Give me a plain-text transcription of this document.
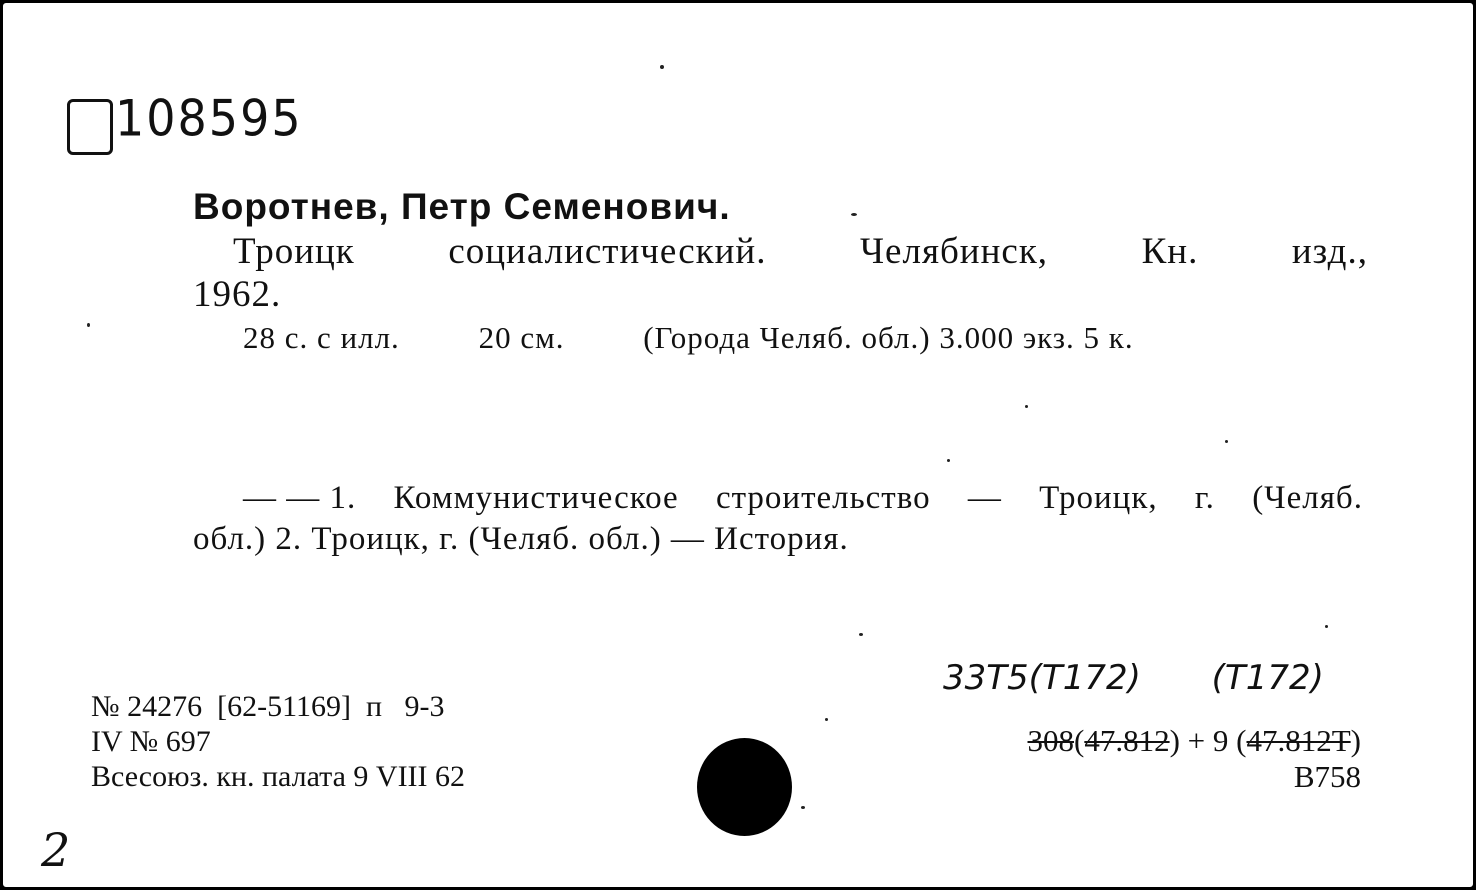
108595
Воротнев, Петр Семенович.
Троицк	социалистический.	Челябинск,	Кн.	изд.,
1962.
28 с. с илл.	20 см.	(Города Челяб. обл.) 3.000 экз. 5 к.
— — 1. Коммунистическое строительство — Троицк, г. (Челяб.
обл.) 2. Троицк, г. (Челяб. обл.) — История.
№ 24276  [62-51169]  п   9-3
IV № 697
Всесоюз. кн. палата 9 VIII 62
33Т5(Т172) (Т172)
308(47.812) + 9 (47.812Т)
В758
2
